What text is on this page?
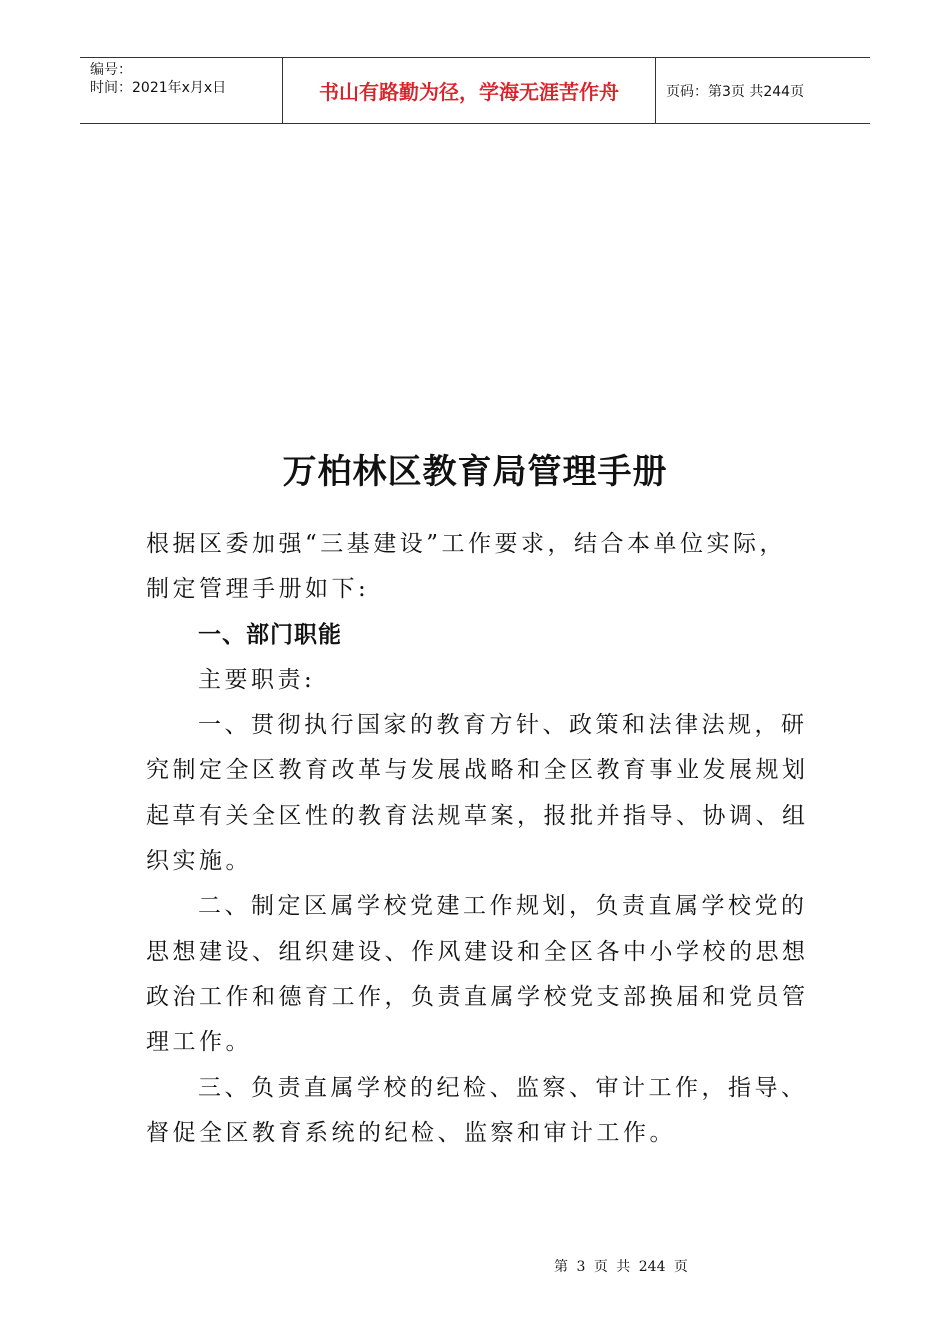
编号：
时间：2021年x月x日	书山有路勤为径，学海无涯苦作舟	页码：第3页 共244页
万柏林区教育局管理手册

根据区委加强“三基建设”工作要求，结合本单位实际，制定管理手册如下:

一、部门职能

主要职责:

一、贯彻执行国家的教育方针、政策和法律法规，研究制定全区教育改革与发展战略和全区教育事业发展规划起草有关全区性的教育法规草案，报批并指导、协调、组织实施。

二、制定区属学校党建工作规划，负责直属学校党的思想建设、组织建设、作风建设和全区各中小学校的思想政治工作和德育工作，负责直属学校党支部换届和党员管理工作。

三、负责直属学校的纪检、监察、审计工作，指导、督促全区教育系统的纪检、监察和审计工作。

第 3 页 共 244 页
